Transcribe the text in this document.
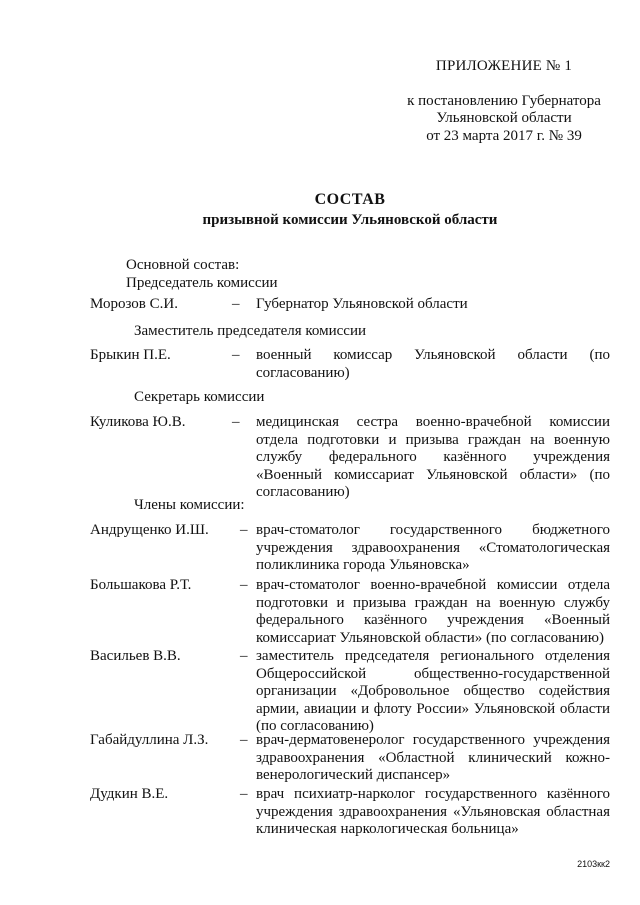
ПРИЛОЖЕНИЕ № 1
к постановлению Губернатора
Ульяновской области
от 23 марта 2017 г. № 39
СОСТАВ
призывной комиссии Ульяновской области
Основной состав:
Председатель комиссии
Морозов С.И.	– Губернатор Ульяновской области
Заместитель председателя комиссии
Брыкин П.Е.	– военный комиссар Ульяновской области (по согласованию)
Секретарь комиссии
Куликова Ю.В.	– медицинская сестра военно-врачебной комиссии отдела подготовки и призыва граждан на военную службу федерального казённого учреждения «Военный комиссариат Ульяновской области» (по согласованию)
Члены комиссии:
Андрущенко И.Ш.	– врач-стоматолог государственного бюджетного учреждения здравоохранения «Стоматологическая поликлиника города Ульяновска»
Большакова Р.Т.	– врач-стоматолог военно-врачебной комиссии отдела подготовки и призыва граждан на военную службу федерального казённого учреждения «Военный комиссариат Ульяновской области» (по согласованию)
Васильев В.В.	– заместитель председателя регионального отделения Общероссийской общественно-государственной организации «Добровольное общество содействия армии, авиации и флоту России» Ульяновской области (по согласованию)
Габайдуллина Л.З.	– врач-дерматовенеролог государственного учреждения здравоохранения «Областной клинический кожно-венерологический диспансер»
Дудкин В.Е.	– врач психиатр-нарколог государственного казённого учреждения здравоохранения «Ульяновская областная клиническая наркологическая больница»
2103кк2
